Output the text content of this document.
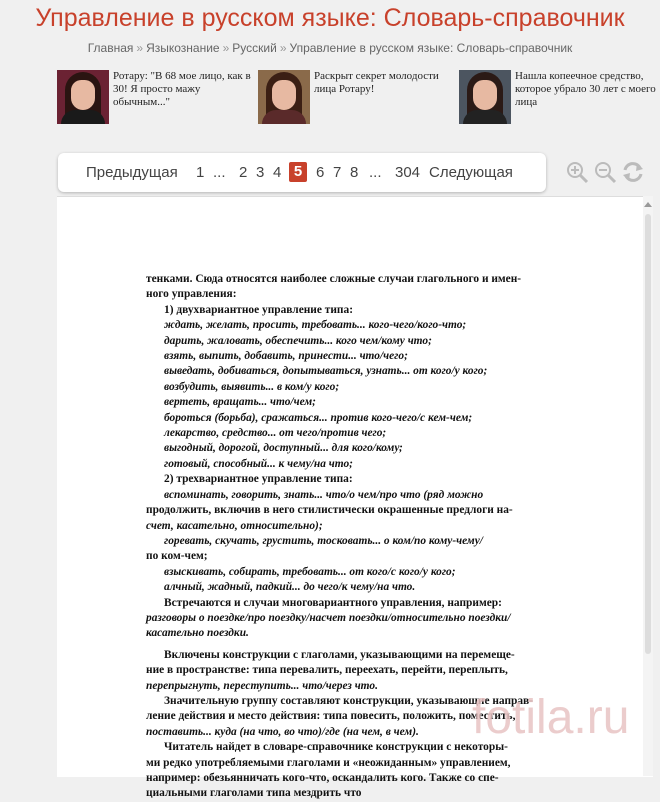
Управление в русском языке: Словарь-справочник
Главная » Языкознание » Русский » Управление в русском языке: Словарь-справочник
Ротару: "В 68 мое лицо, как в 30! Я просто мажу обычным..."
Раскрыт секрет молодости лица Ротару!
Нашла копеечное средство, которое убрало 30 лет с моего лица
Предыдущая 1 ... 2 3 4 5 6 7 8 ... 304 Следующая

тенками. Сюда относятся наиболее сложные случаи глагольного и имен-

ного управления:

1) двухвариантное управление типа:

ждать, желать, просить, требовать... кого-чего/кого-что;

дарить, жаловать, обеспечить... кого чем/кому что;

взять, выпить, добавить, принести... что/чего;

выведать, добиваться, допытываться, узнать... от кого/у кого;

возбудить, выявить... в ком/у кого;

вертеть, вращать... что/чем;

бороться (борьба), сражаться... против кого-чего/с кем-чем;

лекарство, средство... от чего/против чего;

выгодный, дорогой, доступный... для кого/кому;

готовый, способный... к чему/на что;

2) трехвариантное управление типа:

вспоминать, говорить, знать... что/о чем/про что (ряд можно

продолжить, включив в него стилистически окрашенные предлоги на-

счет, касательно, относительно);

горевать, скучать, грустить, тосковать... о ком/по кому-чему/

по ком-чем;

взыскивать, собирать, требовать... от кого/с кого/у кого;

алчный, жадный, падкий... до чего/к чему/на что.

Встречаются и случаи многовариантного управления, например:

разговоры о поездке/про поездку/насчет поездки/относительно поездки/

касательно поездки.

Включены конструкции с глаголами, указывающими на перемеще-

ние в пространстве: типа перевалить, переехать, перейти, переплыть,

перепрыгнуть, переступить... что/через что.

Значительную группу составляют конструкции, указывающие направ-

ление действия и место действия: типа повесить, положить, поместить,

поставить... куда (на что, во что)/где (на чем, в чем).

Читатель найдет в словаре-справочнике конструкции с некоторы-

ми редко употребляемыми глаголами и «неожиданным» управлением,

например: обезьянничать кого-что, оскандалить кого. Также со спе-

циальными глаголами типа мездрить что

fotila.ru
